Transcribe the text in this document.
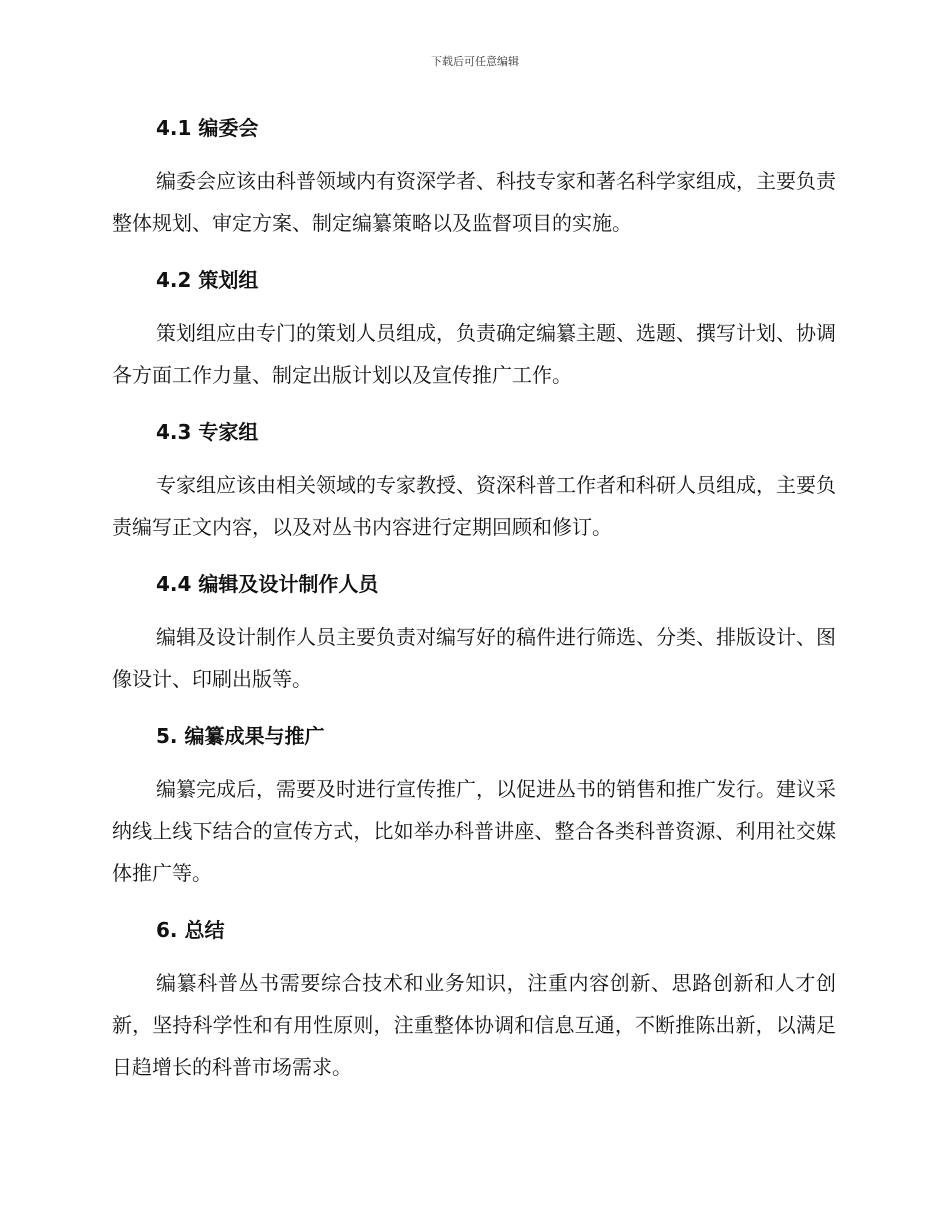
下载后可任意编辑
4.1 编委会

编委会应该由科普领域内有资深学者、科技专家和著名科学家组成，主要负责整体规划、审定方案、制定编纂策略以及监督项目的实施。

4.2 策划组

策划组应由专门的策划人员组成，负责确定编纂主题、选题、撰写计划、协调各方面工作力量、制定出版计划以及宣传推广工作。

4.3 专家组

专家组应该由相关领域的专家教授、资深科普工作者和科研人员组成，主要负责编写正文内容，以及对丛书内容进行定期回顾和修订。

4.4 编辑及设计制作人员

编辑及设计制作人员主要负责对编写好的稿件进行筛选、分类、排版设计、图像设计、印刷出版等。

5. 编纂成果与推广

编纂完成后，需要及时进行宣传推广，以促进丛书的销售和推广发行。建议采纳线上线下结合的宣传方式，比如举办科普讲座、整合各类科普资源、利用社交媒体推广等。

6. 总结

编纂科普丛书需要综合技术和业务知识，注重内容创新、思路创新和人才创新，坚持科学性和有用性原则，注重整体协调和信息互通，不断推陈出新，以满足日趋增长的科普市场需求。
